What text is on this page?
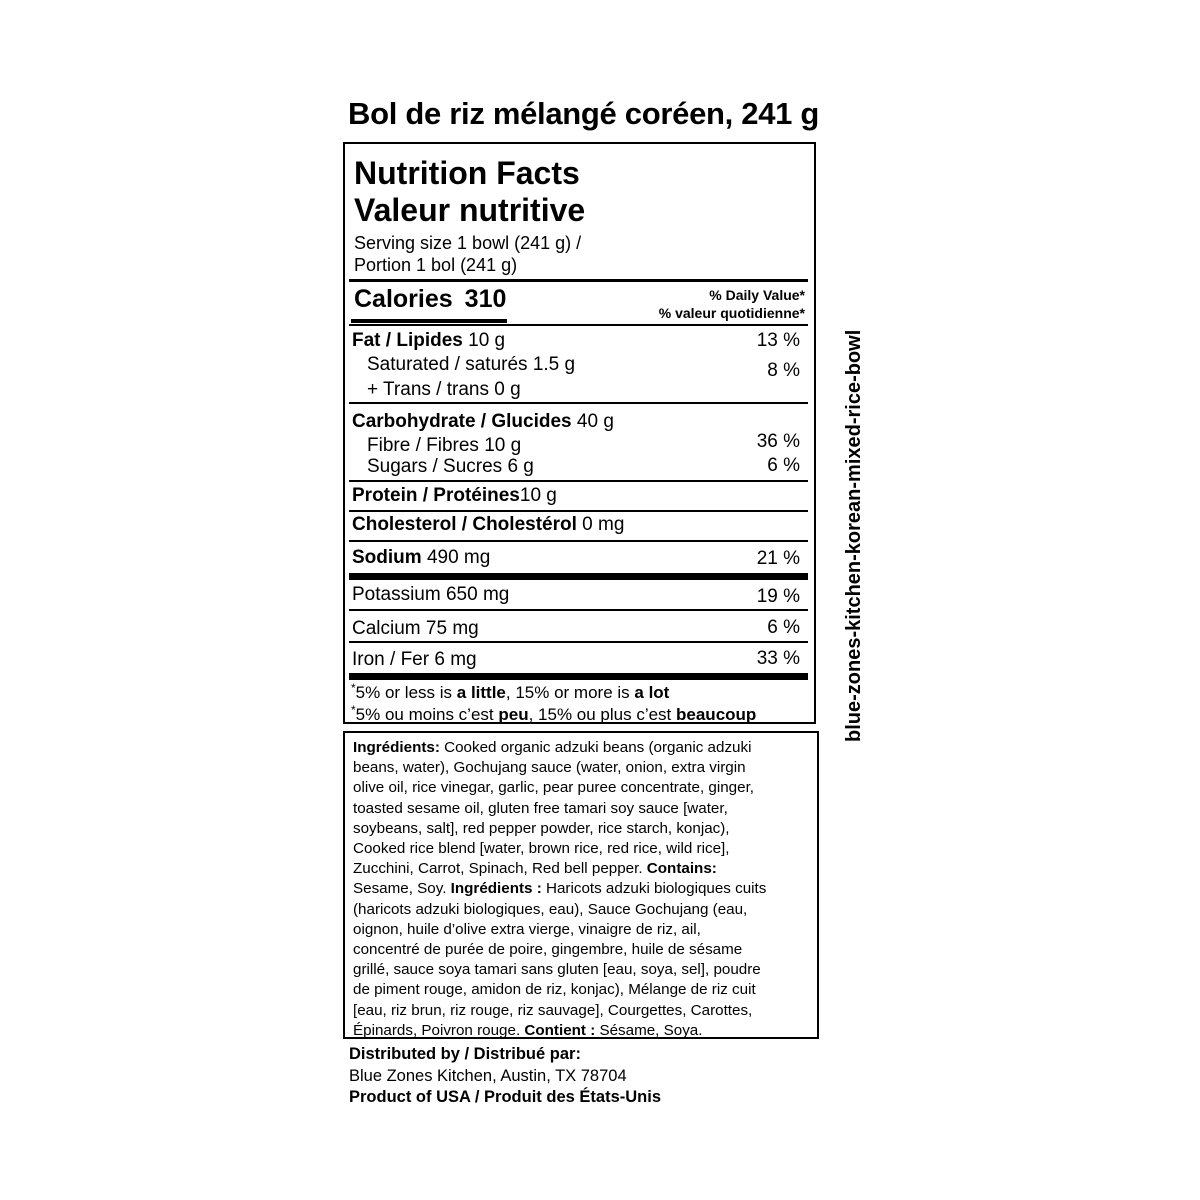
Bol de riz mélangé coréen, 241 g
Nutrition Facts
Valeur nutritive
Serving size 1 bowl (241 g) /
Portion 1 bol (241 g)
Calories 310	% Daily Value*
% valeur quotidienne*
Fat / Lipides 10 g	13 %
Saturated / saturés 1.5 g	8 %
+ Trans / trans 0 g
Carbohydrate / Glucides 40 g
Fibre / Fibres 10 g	36 %
Sugars / Sucres 6 g	6 %
Protein / Protéines10 g
Cholesterol / Cholestérol 0 mg
Sodium 490 mg	21 %
Potassium 650 mg	19 %
Calcium 75 mg	6 %
Iron / Fer 6 mg	33 %
*5% or less is a little, 15% or more is a lot
*5% ou moins c’est peu, 15% ou plus c’est beaucoup
Ingrédients: Cooked organic adzuki beans (organic adzuki
beans, water), Gochujang sauce (water, onion, extra virgin
olive oil, rice vinegar, garlic, pear puree concentrate, ginger,
toasted sesame oil, gluten free tamari soy sauce [water,
soybeans, salt], red pepper powder, rice starch, konjac),
Cooked rice blend [water, brown rice, red rice, wild rice],
Zucchini, Carrot, Spinach, Red bell pepper. Contains:
Sesame, Soy. Ingrédients : Haricots adzuki biologiques cuits
(haricots adzuki biologiques, eau), Sauce Gochujang (eau,
oignon, huile d’olive extra vierge, vinaigre de riz, ail,
concentré de purée de poire, gingembre, huile de sésame
grillé, sauce soya tamari sans gluten [eau, soya, sel], poudre
de piment rouge, amidon de riz, konjac), Mélange de riz cuit
[eau, riz brun, riz rouge, riz sauvage], Courgettes, Carottes,
Épinards, Poivron rouge. Contient : Sésame, Soya.
Distributed by / Distribué par:
Blue Zones Kitchen, Austin, TX 78704
Product of USA / Produit des États-Unis
blue-zones-kitchen-korean-mixed-rice-bowl
